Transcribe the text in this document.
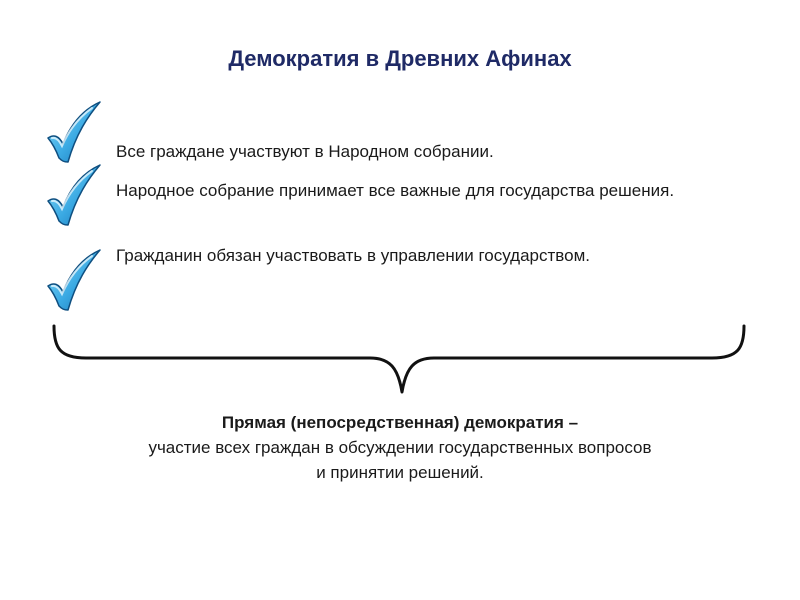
Демократия в Древних Афинах
Все граждане участвуют в Народном собрании.
Народное собрание принимает все важные для государства решения.
Гражданин обязан участвовать в управлении государством.
Прямая (непосредственная) демократия –
участие всех граждан в обсуждении государственных вопросов
и принятии решений.
